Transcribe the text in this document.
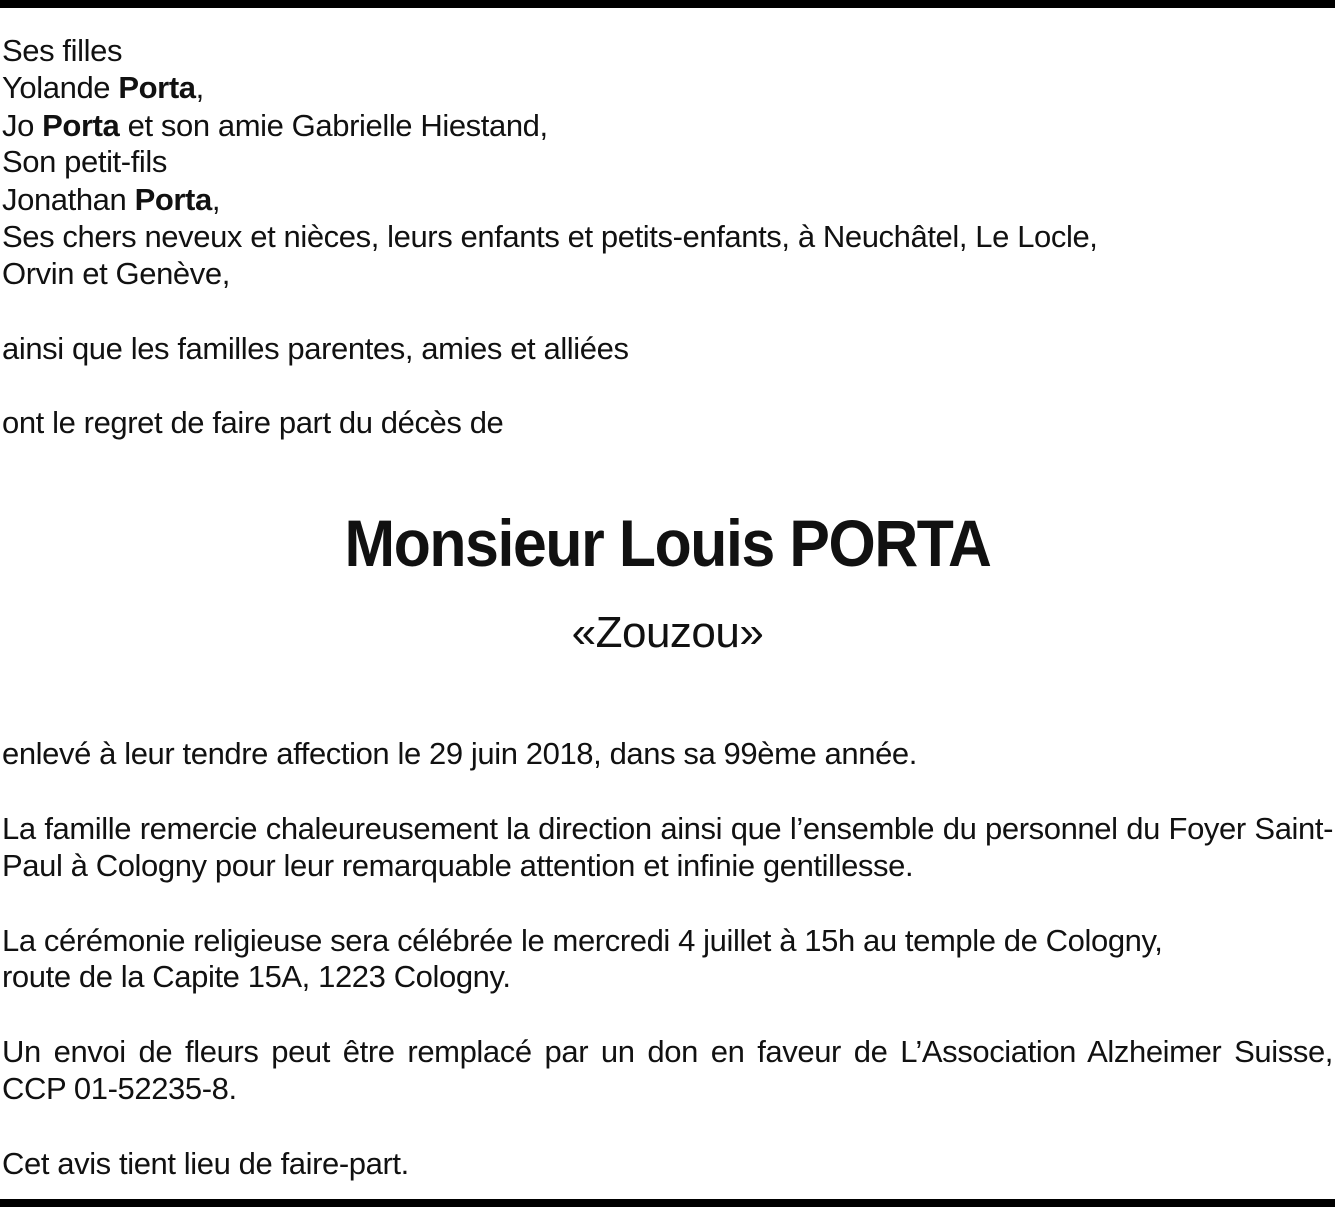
Ses filles
Yolande Porta,
Jo Porta et son amie Gabrielle Hiestand,
Son petit-fils
Jonathan Porta,
Ses chers neveux et nièces, leurs enfants et petits-enfants, à Neuchâtel, Le Locle,
Orvin et Genève,
ainsi que les familles parentes, amies et alliées
ont le regret de faire part du décès de
Monsieur Louis PORTA
«Zouzou»
enlevé à leur tendre affection le 29 juin 2018, dans sa 99ème année.
La famille remercie chaleureusement la direction ainsi que l’ensemble du personnel du Foyer Saint-Paul à Cologny pour leur remarquable attention et infinie gentillesse.
La cérémonie religieuse sera célébrée le mercredi 4 juillet à 15h au temple de Cologny,
route de la Capite 15A, 1223 Cologny.
Un envoi de fleurs peut être remplacé par un don en faveur de L’Association Alzheimer Suisse, CCP 01-52235-8.
Cet avis tient lieu de faire-part.
